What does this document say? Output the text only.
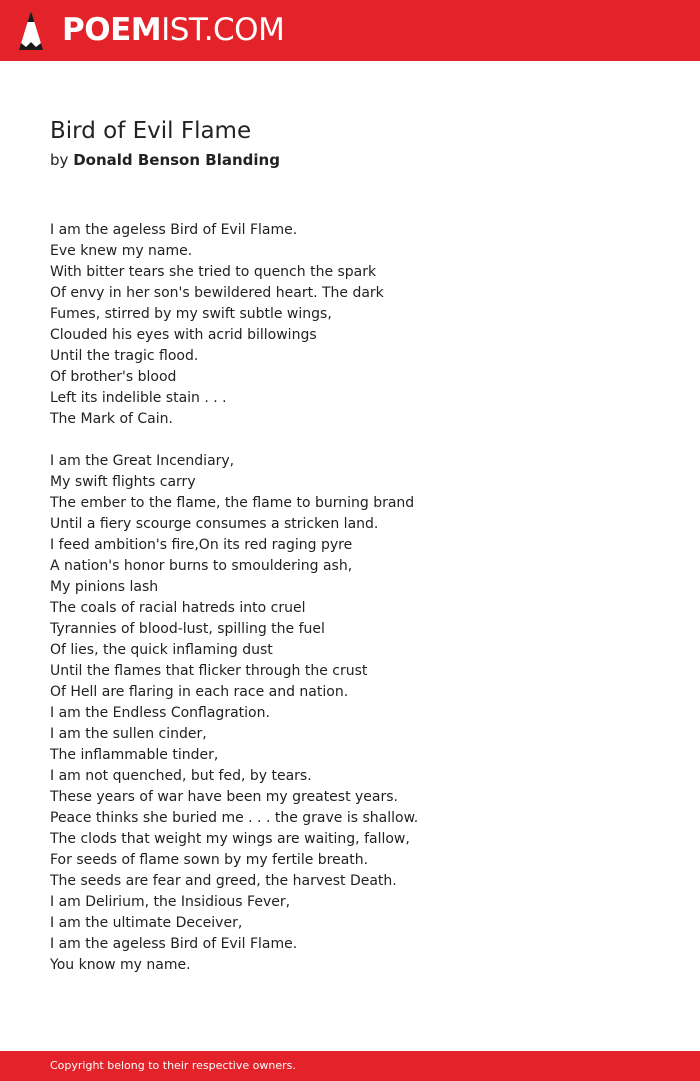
POEMIST.COM
Bird of Evil Flame
by Donald Benson Blanding
I am the ageless Bird of Evil Flame.
Eve knew my name.
With bitter tears she tried to quench the spark
Of envy in her son's bewildered heart. The dark
Fumes, stirred by my swift subtle wings,
Clouded his eyes with acrid billowings
Until the tragic flood.
Of brother's blood
Left its indelible stain . . .
The Mark of Cain.
I am the Great Incendiary,
My swift flights carry
The ember to the flame, the flame to burning brand
Until a fiery scourge consumes a stricken land.
I feed ambition's fire,On its red raging pyre
A nation's honor burns to smouldering ash,
My pinions lash
The coals of racial hatreds into cruel
Tyrannies of blood-lust, spilling the fuel
Of lies, the quick inflaming dust
Until the flames that flicker through the crust
Of Hell are flaring in each race and nation.
I am the Endless Conflagration.
I am the sullen cinder,
The inflammable tinder,
I am not quenched, but fed, by tears.
These years of war have been my greatest years.
Peace thinks she buried me . . . the grave is shallow.
The clods that weight my wings are waiting, fallow,
For seeds of flame sown by my fertile breath.
The seeds are fear and greed, the harvest Death.
I am Delirium, the Insidious Fever,
I am the ultimate Deceiver,
I am the ageless Bird of Evil Flame.
You know my name.
Copyright belong to their respective owners.
